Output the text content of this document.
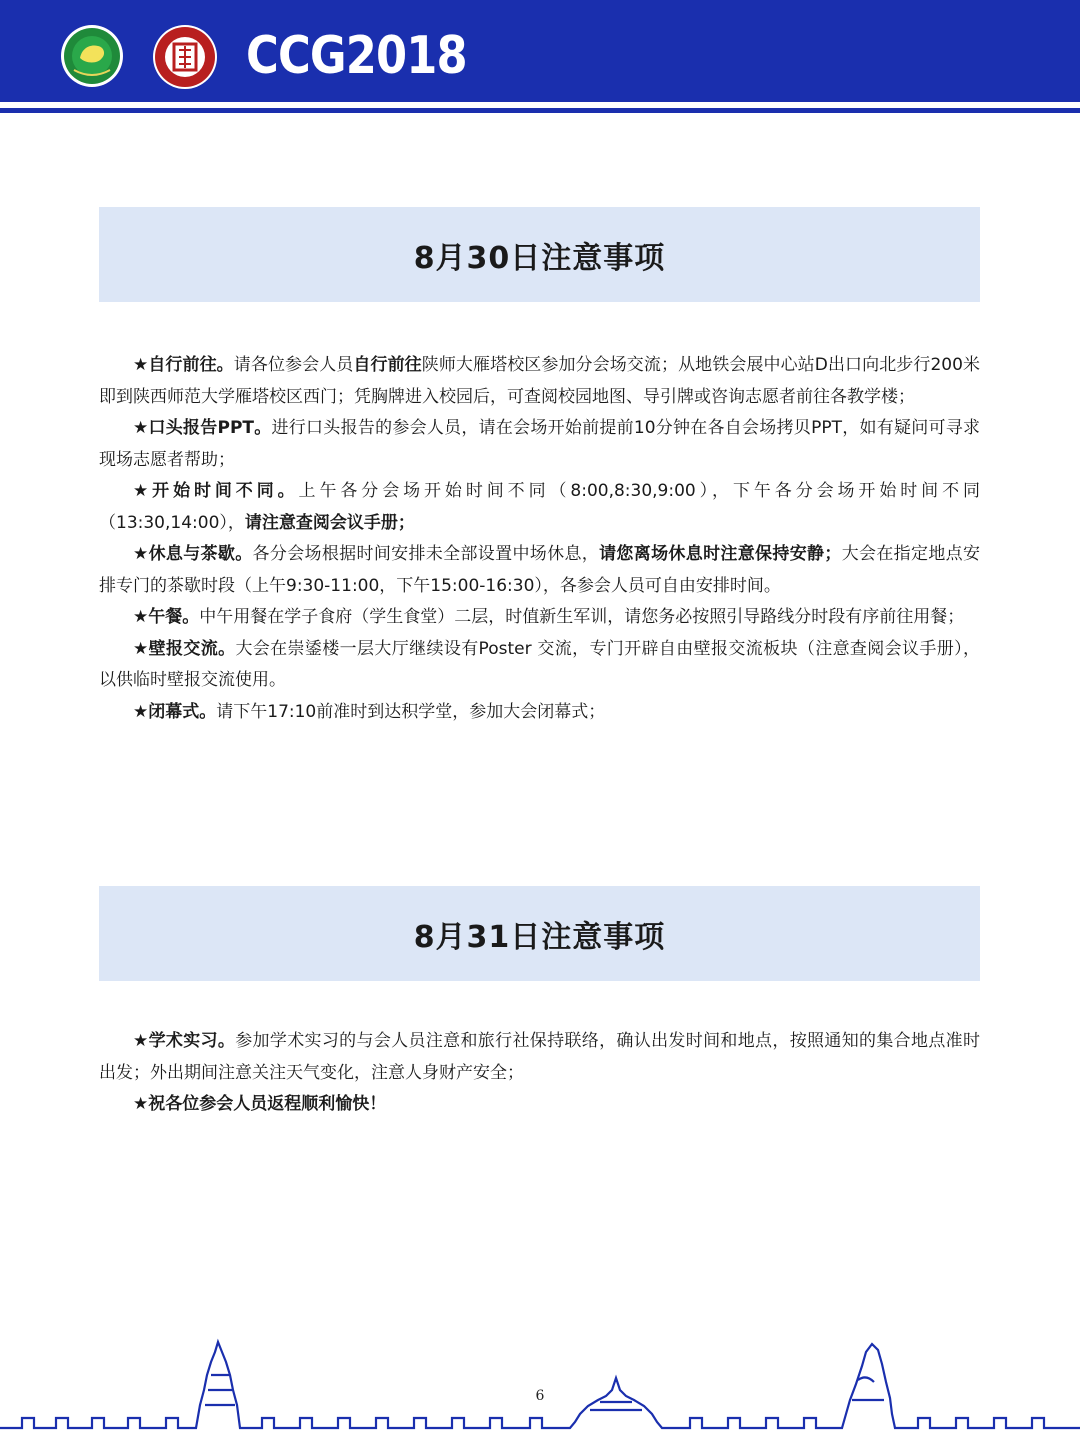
CCG2018
8月30日注意事项

★自行前往。请各位参会人员自行前往陕师大雁塔校区参加分会场交流；从地铁会展中心站D出口向北步行200米即到陕西师范大学雁塔校区西门；凭胸牌进入校园后，可查阅校园地图、导引牌或咨询志愿者前往各教学楼；

★口头报告PPT。进行口头报告的参会人员，请在会场开始前提前10分钟在各自会场拷贝PPT，如有疑问可寻求现场志愿者帮助；

★开始时间不同。上午各分会场开始时间不同（8:00,8:30,9:00），下午各分会场开始时间不同（13:30,14:00），请注意查阅会议手册；

★休息与茶歇。各分会场根据时间安排未全部设置中场休息，请您离场休息时注意保持安静；大会在指定地点安排专门的茶歇时段（上午9:30-11:00，下午15:00-16:30），各参会人员可自由安排时间。

★午餐。中午用餐在学子食府（学生食堂）二层，时值新生军训，请您务必按照引导路线分时段有序前往用餐；

★壁报交流。大会在崇鋈楼一层大厅继续设有Poster 交流，专门开辟自由壁报交流板块（注意查阅会议手册），以供临时壁报交流使用。

★闭幕式。请下午17:10前准时到达积学堂，参加大会闭幕式；

8月31日注意事项

★学术实习。参加学术实习的与会人员注意和旅行社保持联络，确认出发时间和地点，按照通知的集合地点准时出发；外出期间注意关注天气变化，注意人身财产安全；

★祝各位参会人员返程顺利愉快！

6
